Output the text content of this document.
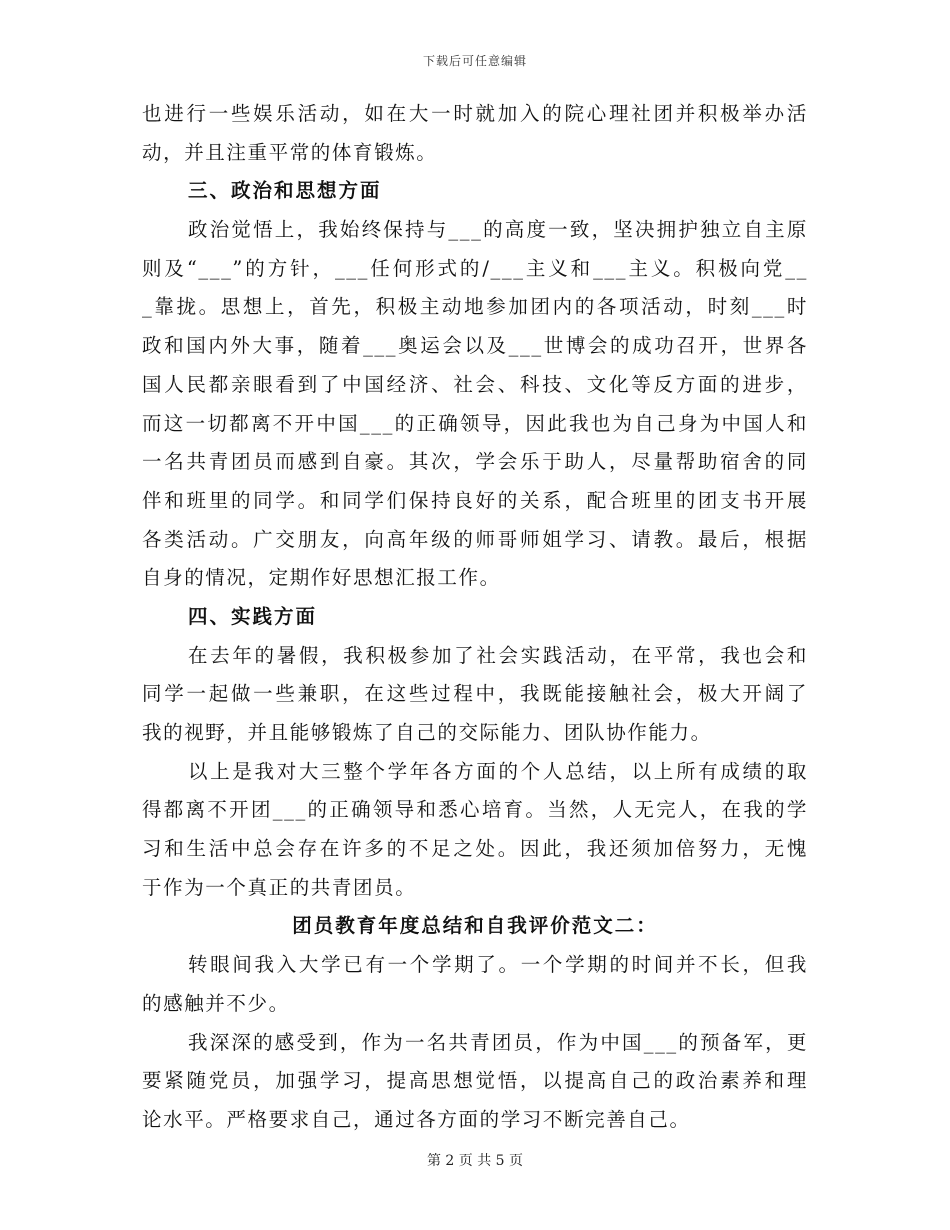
下载后可任意编辑
也进行一些娱乐活动，如在大一时就加入的院心理社团并积极举办活
动，并且注重平常的体育锻炼。
三、政治和思想方面
政治觉悟上，我始终保持与___的高度一致，坚决拥护独立自主原
则及“___”的方针，___任何形式的/___主义和___主义。积极向党__
_靠拢。思想上，首先，积极主动地参加团内的各项活动，时刻___时
政和国内外大事，随着___奥运会以及___世博会的成功召开，世界各
国人民都亲眼看到了中国经济、社会、科技、文化等反方面的进步，
而这一切都离不开中国___的正确领导，因此我也为自己身为中国人和
一名共青团员而感到自豪。其次，学会乐于助人，尽量帮助宿舍的同
伴和班里的同学。和同学们保持良好的关系，配合班里的团支书开展
各类活动。广交朋友，向高年级的师哥师姐学习、请教。最后，根据
自身的情况，定期作好思想汇报工作。
四、实践方面
在去年的暑假，我积极参加了社会实践活动，在平常，我也会和
同学一起做一些兼职，在这些过程中，我既能接触社会，极大开阔了
我的视野，并且能够锻炼了自己的交际能力、团队协作能力。
以上是我对大三整个学年各方面的个人总结，以上所有成绩的取
得都离不开团___的正确领导和悉心培育。当然，人无完人，在我的学
习和生活中总会存在许多的不足之处。因此，我还须加倍努力，无愧
于作为一个真正的共青团员。
团员教育年度总结和自我评价范文二：
转眼间我入大学已有一个学期了。一个学期的时间并不长，但我
的感触并不少。
我深深的感受到，作为一名共青团员，作为中国___的预备军，更
要紧随党员，加强学习，提高思想觉悟，以提高自己的政治素养和理
论水平。严格要求自己，通过各方面的学习不断完善自己。
第 2 页 共 5 页
